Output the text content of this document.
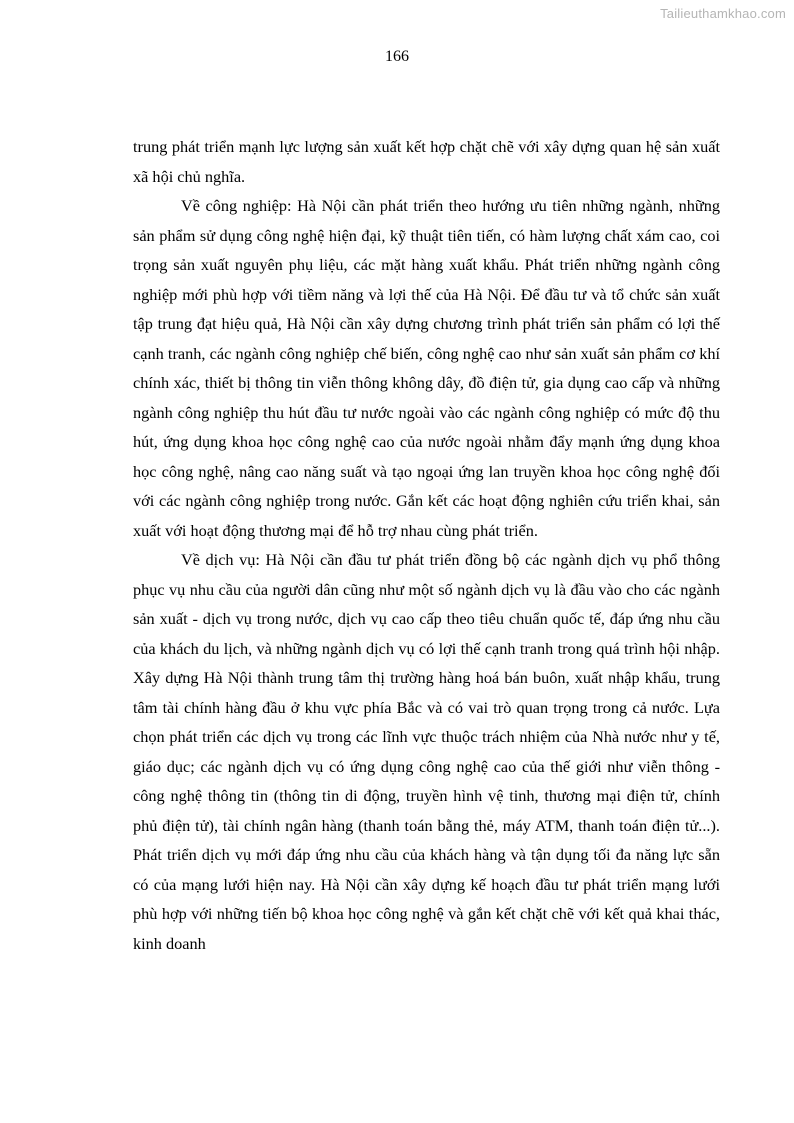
Tailieuthamkhao.com
166

trung phát triển mạnh lực lượng sản xuất kết hợp chặt chẽ với xây dựng quan hệ sản xuất xã hội chủ nghĩa.

Về công nghiệp: Hà Nội cần phát triển theo hướng ưu tiên những ngành, những sản phẩm sử dụng công nghệ hiện đại, kỹ thuật tiên tiến, có hàm lượng chất xám cao, coi trọng sản xuất nguyên phụ liệu, các mặt hàng xuất khẩu. Phát triển những ngành công nghiệp mới phù hợp với tiềm năng và lợi thế của Hà Nội. Để đầu tư và tổ chức sản xuất tập trung đạt hiệu quả, Hà Nội cần xây dựng chương trình phát triển sản phẩm có lợi thế cạnh tranh, các ngành công nghiệp chế biến, công nghệ cao như sản xuất sản phẩm cơ khí chính xác, thiết bị thông tin viễn thông không dây, đồ điện tử, gia dụng cao cấp và những ngành công nghiệp thu hút đầu tư nước ngoài vào các ngành công nghiệp có mức độ thu hút, ứng dụng khoa học công nghệ cao của nước ngoài nhằm đẩy mạnh ứng dụng khoa học công nghệ, nâng cao năng suất và tạo ngoại ứng lan truyền khoa học công nghệ đối với các ngành công nghiệp trong nước. Gắn kết các hoạt động nghiên cứu triển khai, sản xuất với hoạt động thương mại để hỗ trợ nhau cùng phát triển.

Về dịch vụ: Hà Nội cần đầu tư phát triển đồng bộ các ngành dịch vụ phổ thông phục vụ nhu cầu của người dân cũng như một số ngành dịch vụ là đầu vào cho các ngành sản xuất - dịch vụ trong nước, dịch vụ cao cấp theo tiêu chuẩn quốc tế, đáp ứng nhu cầu của khách du lịch, và những ngành dịch vụ có lợi thế cạnh tranh trong quá trình hội nhập. Xây dựng Hà Nội thành trung tâm thị trường hàng hoá bán buôn, xuất nhập khẩu, trung tâm tài chính hàng đầu ở khu vực phía Bắc và có vai trò quan trọng trong cả nước. Lựa chọn phát triển các dịch vụ trong các lĩnh vực thuộc trách nhiệm của Nhà nước như y tế, giáo dục; các ngành dịch vụ có ứng dụng công nghệ cao của thế giới như viễn thông - công nghệ thông tin (thông tin di động, truyền hình vệ tinh, thương mại điện tử, chính phủ điện tử), tài chính ngân hàng (thanh toán bằng thẻ, máy ATM, thanh toán điện tử...). Phát triển dịch vụ mới đáp ứng nhu cầu của khách hàng và tận dụng tối đa năng lực sẵn có của mạng lưới hiện nay. Hà Nội cần xây dựng kế hoạch đầu tư phát triển mạng lưới phù hợp với những tiến bộ khoa học công nghệ và gắn kết chặt chẽ với kết quả khai thác, kinh doanh
